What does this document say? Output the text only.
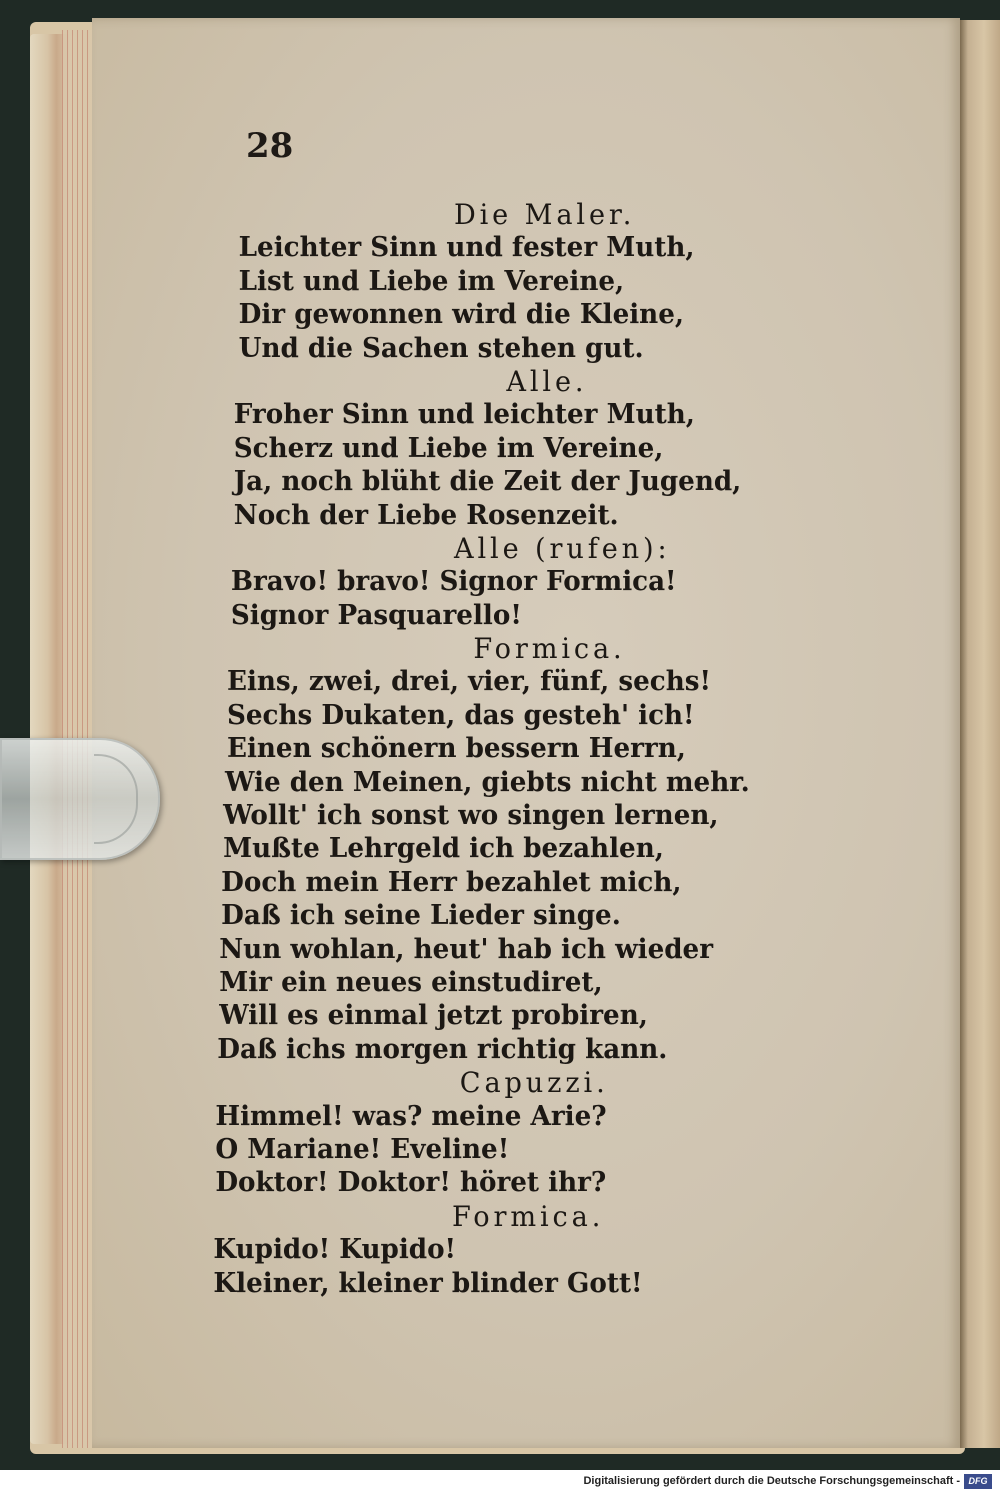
28

Die Maler.
Leichter Sinn und fester Muth,
List und Liebe im Vereine,
Dir gewonnen wird die Kleine,
Und die Sachen stehen gut.
Alle.
Froher Sinn und leichter Muth,
Scherz und Liebe im Vereine,
Ja, noch blüht die Zeit der Jugend,
Noch der Liebe Rosenzeit.
Alle (rufen):
Bravo! bravo! Signor Formica!
Signor Pasquarello!
Formica.
Eins, zwei, drei, vier, fünf, sechs!
Sechs Dukaten, das gesteh' ich!
Einen schönern bessern Herrn,
Wie den Meinen, giebts nicht mehr.
Wollt' ich sonst wo singen lernen,
Mußte Lehrgeld ich bezahlen,
Doch mein Herr bezahlet mich,
Daß ich seine Lieder singe.
Nun wohlan, heut' hab ich wieder
Mir ein neues einstudiret,
Will es einmal jetzt probiren,
Daß ichs morgen richtig kann.
Capuzzi.
Himmel! was? meine Arie?
O Mariane! Eveline!
Doktor! Doktor! höret ihr?
Formica.
Kupido! Kupido!
Kleiner, kleiner blinder Gott!
Digitalisierung gefördert durch die Deutsche Forschungsgemeinschaft - DFG
